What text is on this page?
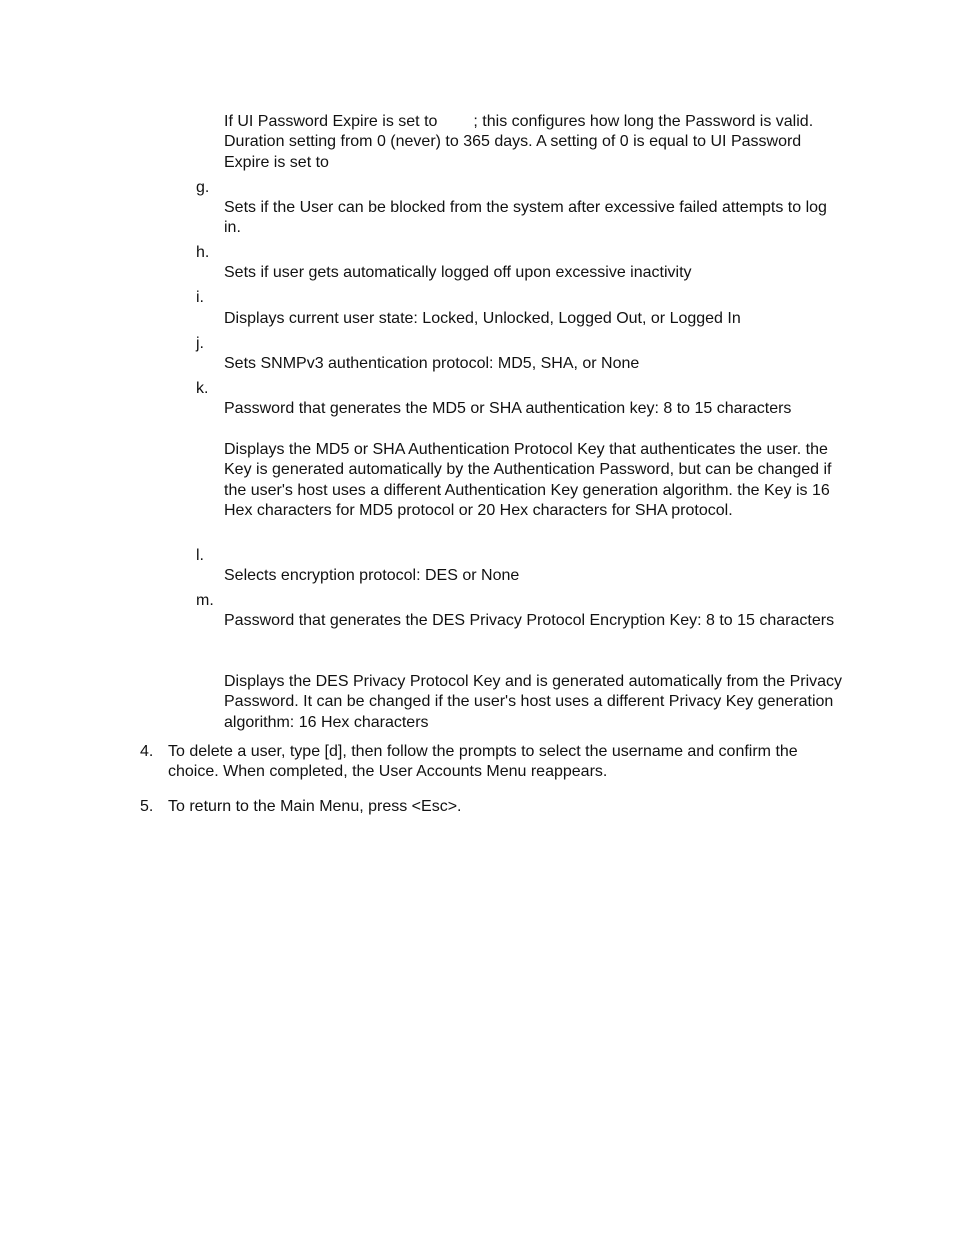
If UI Password Expire is set to ; this configures how long the Password is valid. Duration setting from 0 (never) to 365 days. A setting of 0 is equal to UI Password Expire is set to
g.
Sets if the User can be blocked from the system after excessive failed attempts to log in.
h.
Sets if user gets automatically logged off upon excessive inactivity
i.
Displays current user state: Locked, Unlocked, Logged Out, or Logged In
j.
Sets SNMPv3 authentication protocol: MD5, SHA, or None
k.
Password that generates the MD5 or SHA authentication key: 8 to 15 characters
Displays the MD5 or SHA Authentication Protocol Key that authenticates the user. the Key is generated automatically by the Authentication Password, but can be changed if the user's host uses a different Authentication Key generation algorithm. the Key is 16 Hex characters for MD5 protocol or 20 Hex characters for SHA protocol.
l.
Selects encryption protocol: DES or None
m.
Password that generates the DES Privacy Protocol Encryption Key: 8 to 15 characters
Displays the DES Privacy Protocol Key and is generated automatically from the Privacy Password. It can be changed if the user's host uses a different Privacy Key generation algorithm: 16 Hex characters
4. To delete a user, type [d], then follow the prompts to select the username and confirm the choice. When completed, the User Accounts Menu reappears.
5. To return to the Main Menu, press <Esc>.
